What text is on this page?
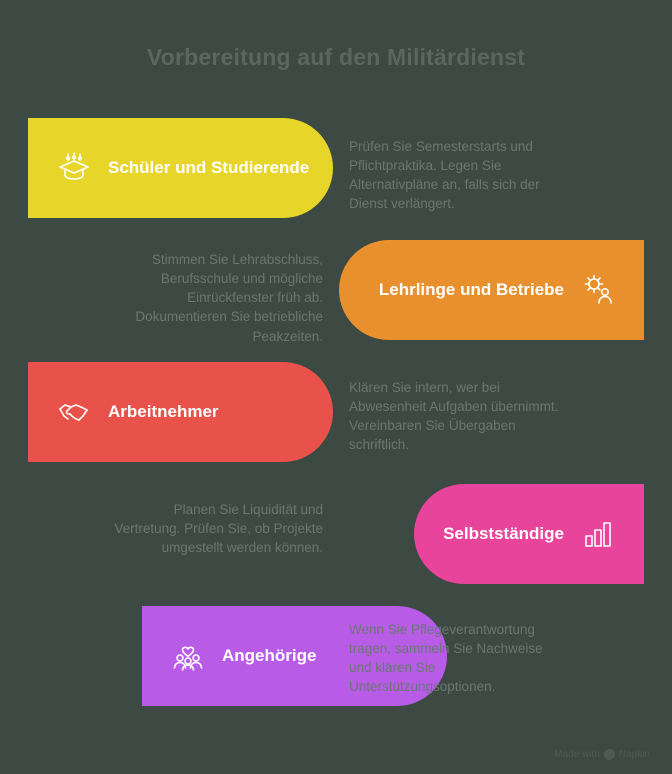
Vorbereitung auf den Militärdienst
Schüler und Studierende
Prüfen Sie Semesterstarts und Pflichtpraktika. Legen Sie Alternativpläne an, falls sich der Dienst verlängert.
Lehrlinge und Betriebe
Stimmen Sie Lehrabschluss, Berufsschule und mögliche Einrückfenster früh ab. Dokumentieren Sie betriebliche Peakzeiten.
Arbeitnehmer
Klären Sie intern, wer bei Abwesenheit Aufgaben übernimmt. Vereinbaren Sie Übergaben schriftlich.
Selbstständige
Planen Sie Liquidität und Vertretung. Prüfen Sie, ob Projekte umgestellt werden können.
Angehörige
Wenn Sie Pflegeverantwortung tragen, sammeln Sie Nachweise und klären Sie Unterstützungsoptionen.
Made with Napkin
